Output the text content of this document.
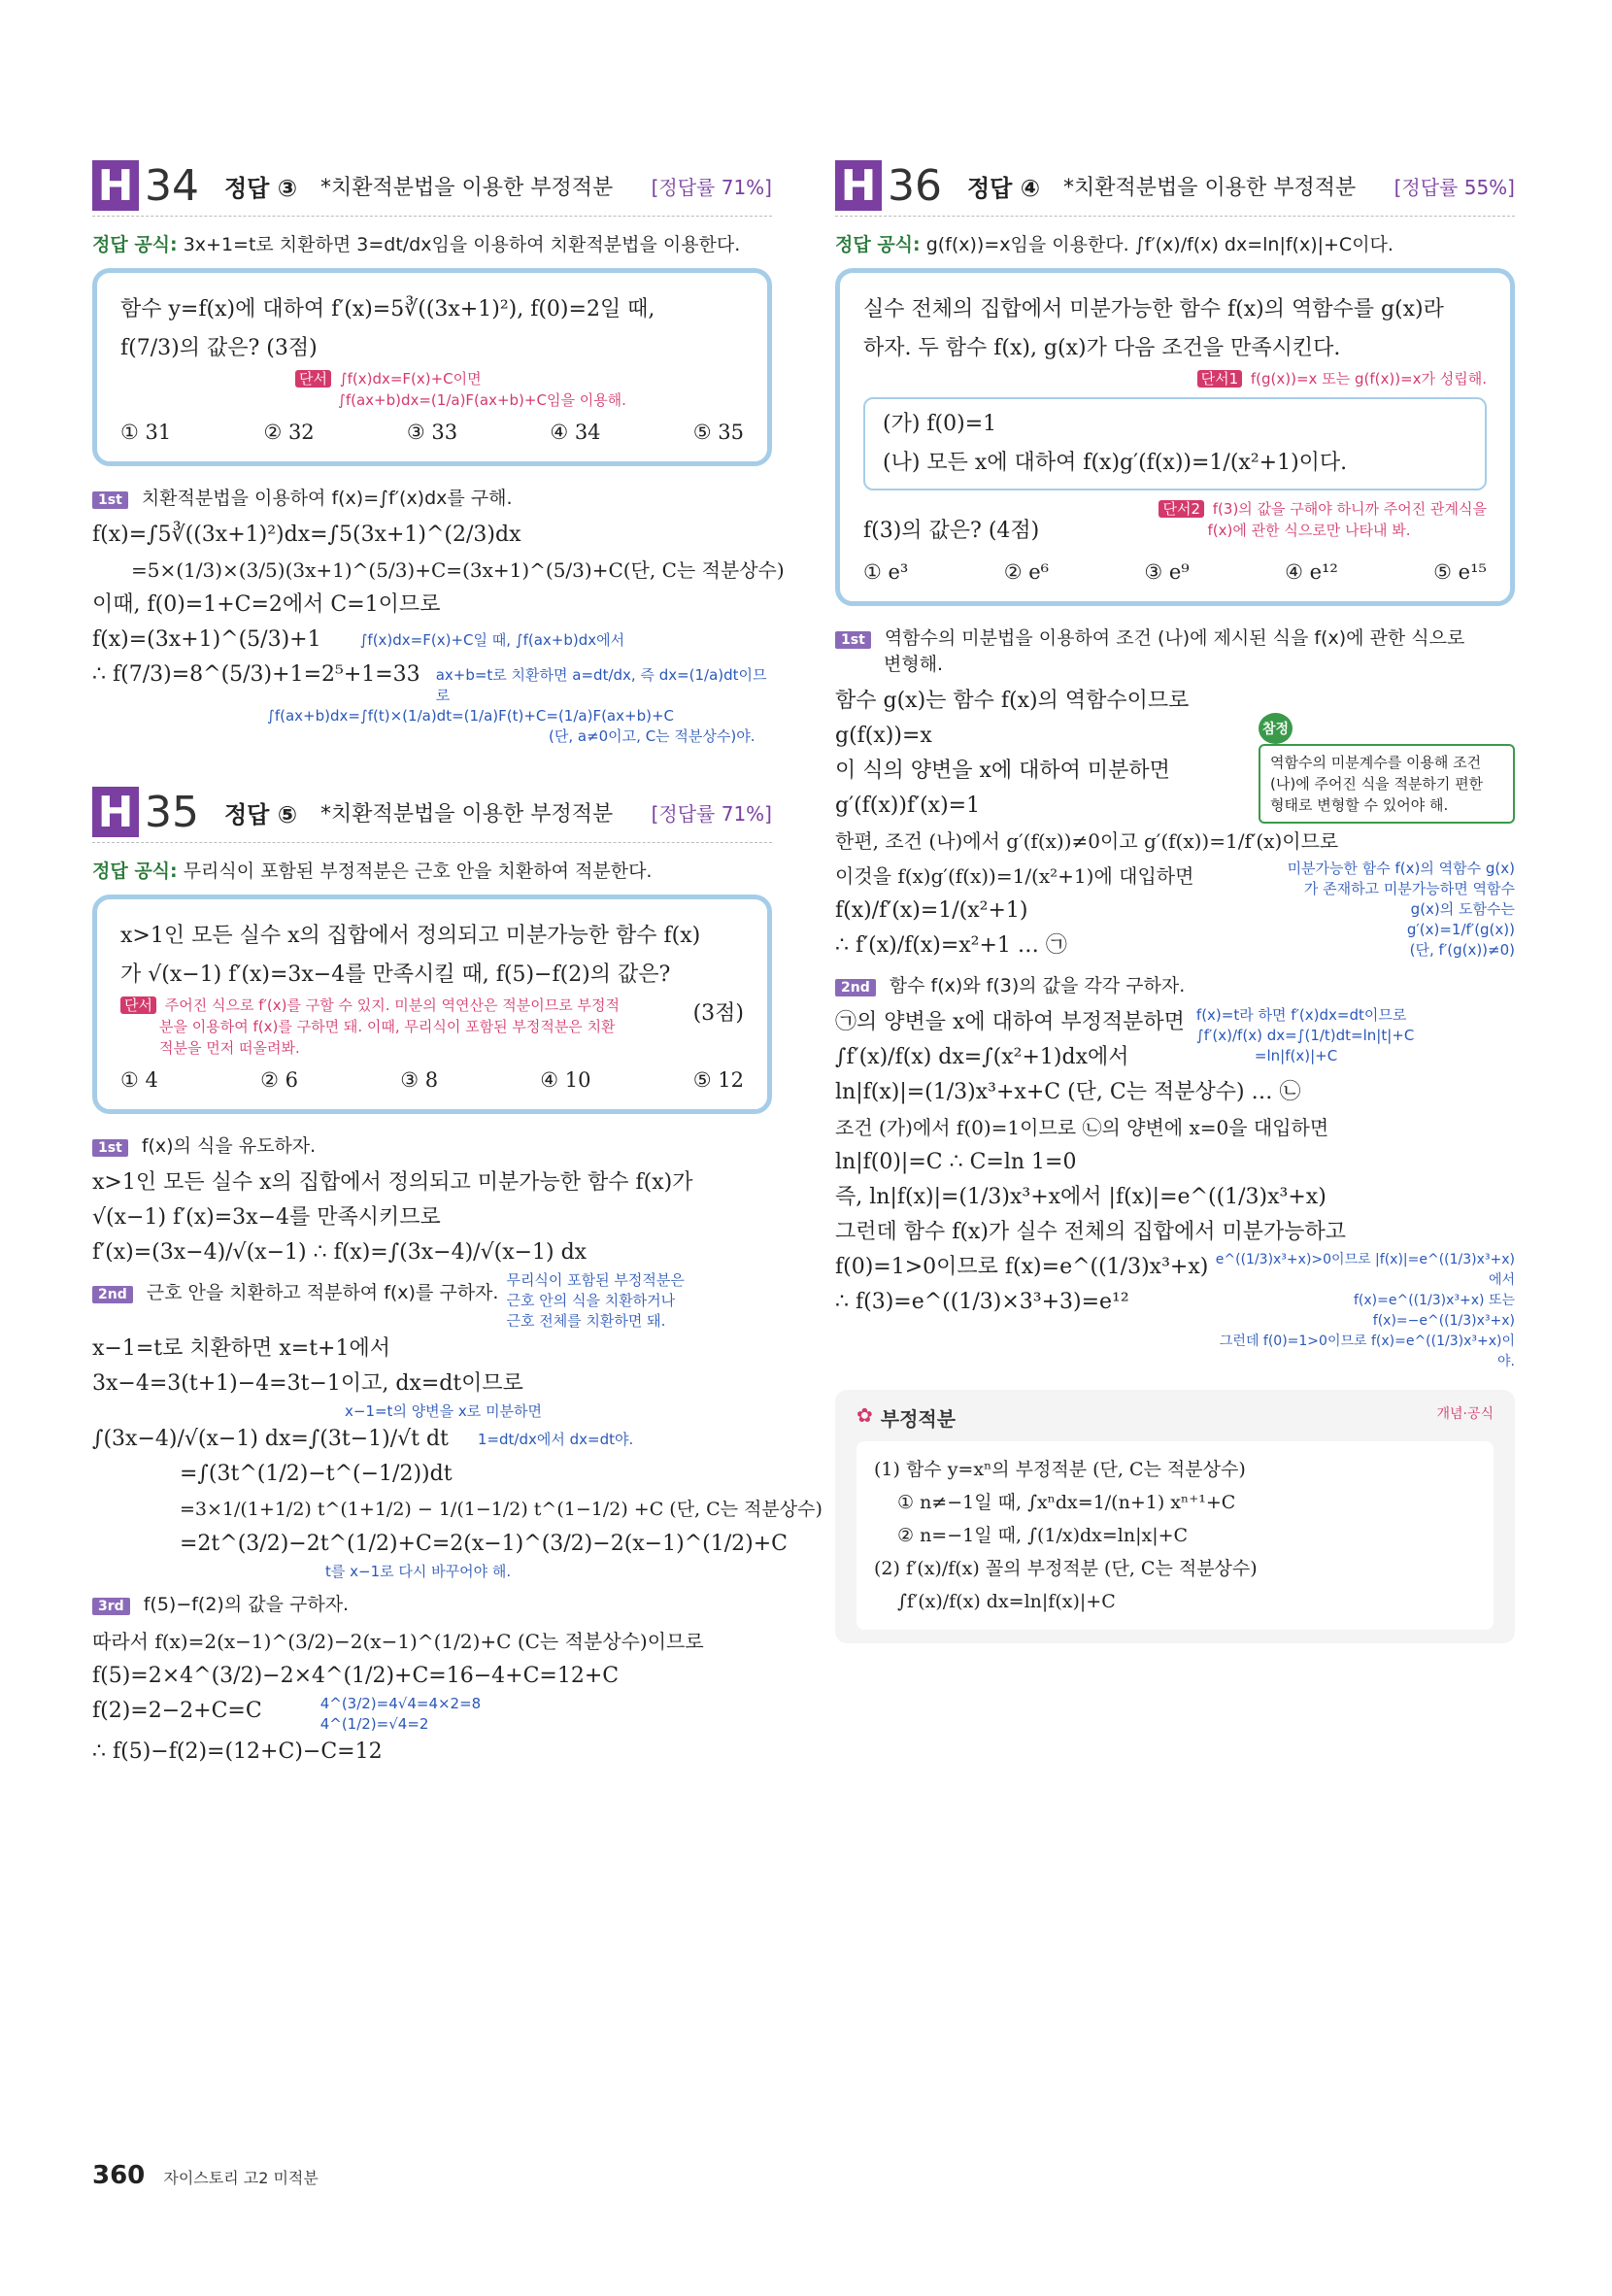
H 34 정답 ③ *치환적분법을 이용한 부정적분 [정답률 71%]
정답 공식: 3x+1=t로 치환하면 3=dt/dx임을 이용하여 치환적분법을 이용한다.
함수 y=f(x)에 대하여 f′(x)=5∛((3x+1)²), f(0)=2일 때,
f(7/3)의 값은? (3점)
단서 ∫f(x)dx=F(x)+C이면
∫f(ax+b)dx=(1/a)F(ax+b)+C임을 이용해.
① 31	② 32	③ 33	④ 34	⑤ 35
1st 치환적분법을 이용하여 f(x)=∫f′(x)dx를 구해.
f(x)=∫5∛((3x+1)²)dx=∫5(3x+1)^(2/3)dx
=5×(1/3)×(3/5)(3x+1)^(5/3)+C=(3x+1)^(5/3)+C(단, C는 적분상수)
이때, f(0)=1+C=2에서 C=1이므로
f(x)=(3x+1)^(5/3)+1	∫f(x)dx=F(x)+C일 때, ∫f(ax+b)dx에서
∴ f(7/3)=8^(5/3)+1=2⁵+1=33 ax+b=t로 치환하면 a=dt/dx, 즉 dx=(1/a)dt이므로
∫f(ax+b)dx=∫f(t)×(1/a)dt=(1/a)F(t)+C=(1/a)F(ax+b)+C
(단, a≠0이고, C는 적분상수)야.
H 35 정답 ⑤ *치환적분법을 이용한 부정적분 [정답률 71%]
정답 공식: 무리식이 포함된 부정적분은 근호 안을 치환하여 적분한다.
x>1인 모든 실수 x의 집합에서 정의되고 미분가능한 함수 f(x)
가 √(x−1) f′(x)=3x−4를 만족시킬 때, f(5)−f(2)의 값은?
단서 주어진 식으로 f′(x)를 구할 수 있지. 미분의 역연산은 적분이므로 부정적
분을 이용하여 f(x)를 구하면 돼. 이때, 무리식이 포함된 부정적분은 치환
적분을 먼저 떠올려봐.
(3점)
① 4	② 6	③ 8	④ 10	⑤ 12
1st f(x)의 식을 유도하자.
x>1인 모든 실수 x의 집합에서 정의되고 미분가능한 함수 f(x)가
√(x−1) f′(x)=3x−4를 만족시키므로
f′(x)=(3x−4)/√(x−1) ∴ f(x)=∫(3x−4)/√(x−1) dx
2nd 근호 안을 치환하고 적분하여 f(x)를 구하자.
무리식이 포함된 부정적분은
근호 안의 식을 치환하거나
근호 전체를 치환하면 돼.
x−1=t로 치환하면 x=t+1에서
3x−4=3(t+1)−4=3t−1이고, dx=dt이므로
x−1=t의 양변을 x로 미분하면
∫(3x−4)/√(x−1) dx=∫(3t−1)/√t dt 1=dt/dx에서 dx=dt야.
=∫(3t^(1/2)−t^(−1/2))dt
=3×1/(1+1/2) t^(1+1/2) − 1/(1−1/2) t^(1−1/2) +C (단, C는 적분상수)
=2t^(3/2)−2t^(1/2)+C=2(x−1)^(3/2)−2(x−1)^(1/2)+C
t를 x−1로 다시 바꾸어야 해.
3rd f(5)−f(2)의 값을 구하자.
따라서 f(x)=2(x−1)^(3/2)−2(x−1)^(1/2)+C (C는 적분상수)이므로
f(5)=2×4^(3/2)−2×4^(1/2)+C=16−4+C=12+C
f(2)=2−2+C=C	4^(3/2)=4√4=4×2=8
4^(1/2)=√4=2
∴ f(5)−f(2)=(12+C)−C=12
H 36 정답 ④ *치환적분법을 이용한 부정적분 [정답률 55%]
정답 공식: g(f(x))=x임을 이용한다. ∫f′(x)/f(x) dx=ln|f(x)|+C이다.
실수 전체의 집합에서 미분가능한 함수 f(x)의 역함수를 g(x)라
하자. 두 함수 f(x), g(x)가 다음 조건을 만족시킨다.
단서1 f(g(x))=x 또는 g(f(x))=x가 성립해.
(가) f(0)=1
(나) 모든 x에 대하여 f(x)g′(f(x))=1/(x²+1)이다.
f(3)의 값은? (4점)
단서2 f(3)의 값을 구해야 하니까 주어진 관계식을
f(x)에 관한 식으로만 나타내 봐.
① e³	② e⁶	③ e⁹	④ e¹²	⑤ e¹⁵
1st 역함수의 미분법을 이용하여 조건 (나)에 제시된 식을 f(x)에 관한 식으로
변형해.
함수 g(x)는 함수 f(x)의 역함수이므로
g(f(x))=x
이 식의 양변을 x에 대하여 미분하면
g′(f(x))f′(x)=1
참정
역함수의 미분계수를 이용해 조건
(나)에 주어진 식을 적분하기 편한
형태로 변형할 수 있어야 해.
한편, 조건 (나)에서 g′(f(x))≠0이고 g′(f(x))=1/f′(x)이므로
이것을 f(x)g′(f(x))=1/(x²+1)에 대입하면
f(x)/f′(x)=1/(x²+1)
∴ f′(x)/f(x)=x²+1 … ㉠
미분가능한 함수 f(x)의 역함수 g(x)
가 존재하고 미분가능하면 역함수
g(x)의 도함수는
g′(x)=1/f′(g(x))
(단, f′(g(x))≠0)
2nd 함수 f(x)와 f(3)의 값을 각각 구하자.
㉠의 양변을 x에 대하여 부정적분하면
∫f′(x)/f(x) dx=∫(x²+1)dx에서
f(x)=t라 하면 f′(x)dx=dt이므로
∫f′(x)/f(x) dx=∫(1/t)dt=ln|t|+C
=ln|f(x)|+C
ln|f(x)|=(1/3)x³+x+C (단, C는 적분상수) … ㉡
조건 (가)에서 f(0)=1이므로 ㉡의 양변에 x=0을 대입하면
ln|f(0)|=C ∴ C=ln 1=0
즉, ln|f(x)|=(1/3)x³+x에서 |f(x)|=e^((1/3)x³+x)
그런데 함수 f(x)가 실수 전체의 집합에서 미분가능하고
f(0)=1>0이므로 f(x)=e^((1/3)x³+x)
∴ f(3)=e^((1/3)×3³+3)=e¹²
e^((1/3)x³+x)>0이므로 |f(x)|=e^((1/3)x³+x)에서
f(x)=e^((1/3)x³+x) 또는 f(x)=−e^((1/3)x³+x)
그런데 f(0)=1>0이므로 f(x)=e^((1/3)x³+x)이야.
✿ 부정적분	개념·공식
(1) 함수 y=xⁿ의 부정적분 (단, C는 적분상수)
① n≠−1일 때, ∫xⁿdx=1/(n+1) xⁿ⁺¹+C
② n=−1일 때, ∫(1/x)dx=ln|x|+C
(2) f′(x)/f(x) 꼴의 부정적분 (단, C는 적분상수)
∫f′(x)/f(x) dx=ln|f(x)|+C
360 자이스토리 고2 미적분
